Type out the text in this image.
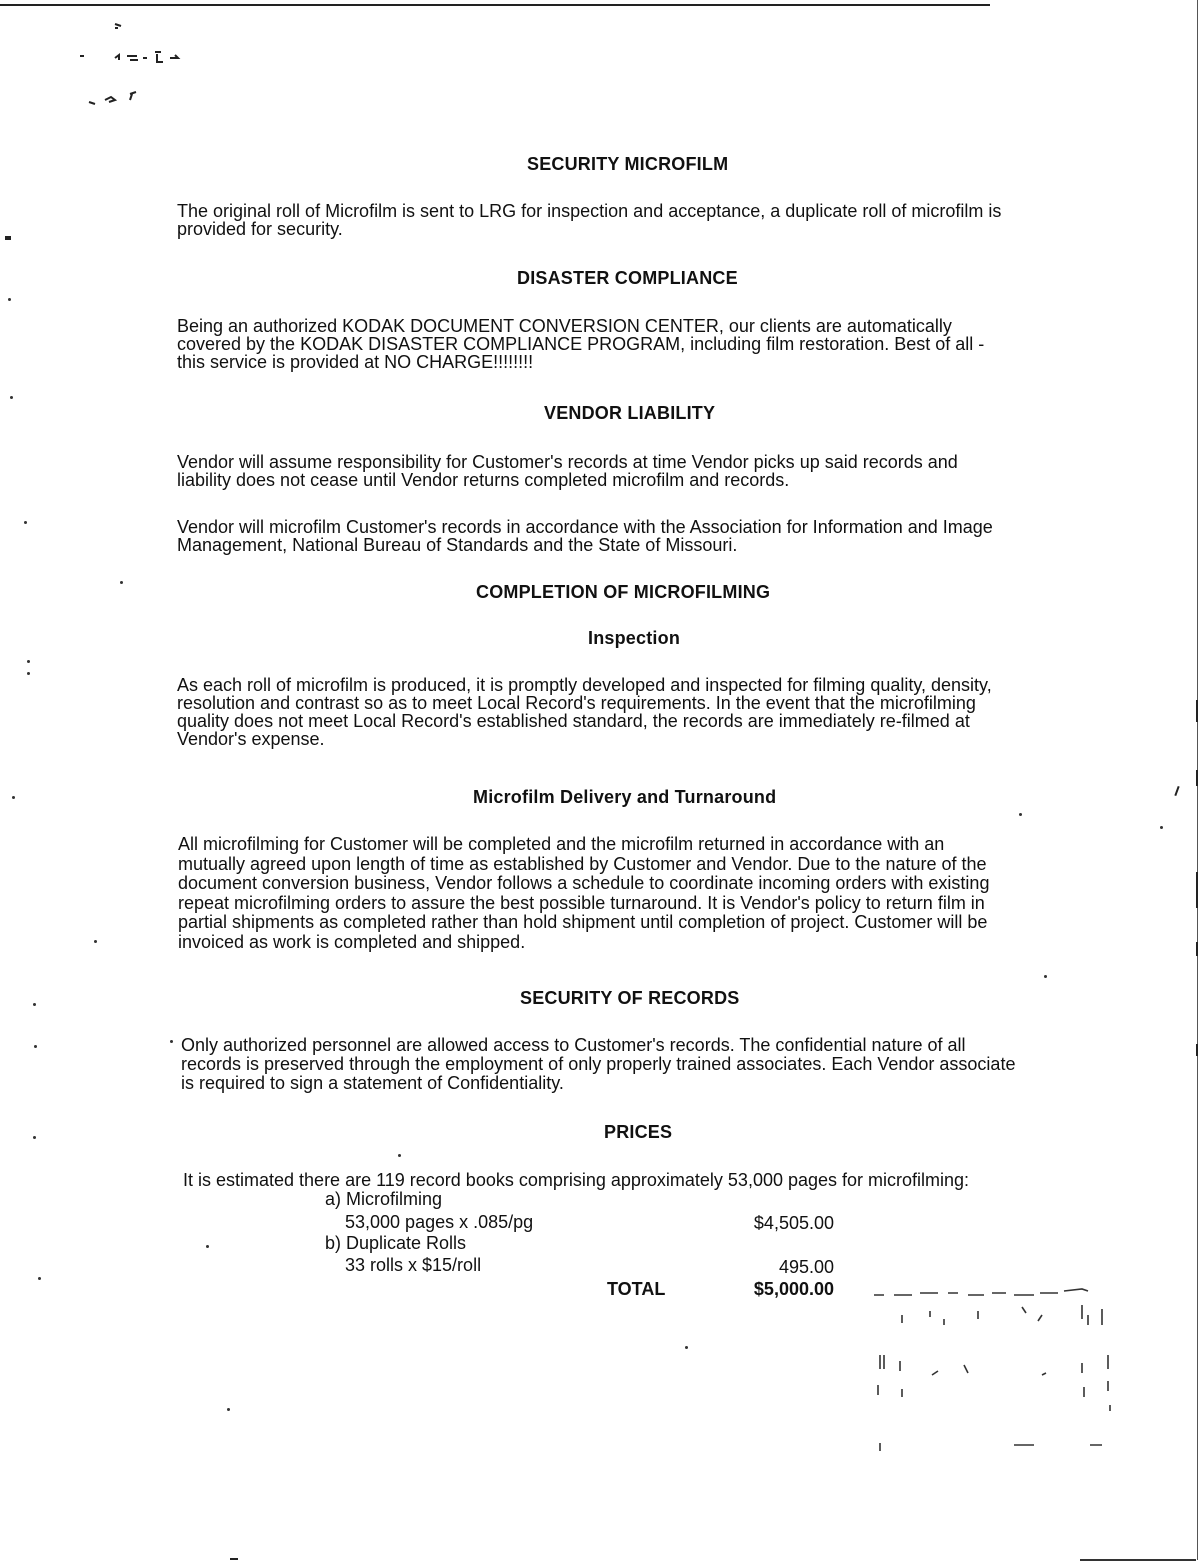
SECURITY MICROFILM
The original roll of Microfilm is sent to LRG for inspection and acceptance, a duplicate roll of microfilm is
provided for security.
DISASTER COMPLIANCE
Being an authorized KODAK DOCUMENT CONVERSION CENTER, our clients are automatically
covered by the KODAK DISASTER COMPLIANCE PROGRAM, including film restoration. Best of all -
this service is provided at NO CHARGE!!!!!!!!
VENDOR LIABILITY
Vendor will assume responsibility for Customer's records at time Vendor picks up said records and
liability does not cease until Vendor returns completed microfilm and records.
Vendor will microfilm Customer's records in accordance with the Association for Information and Image
Management, National Bureau of Standards and the State of Missouri.
COMPLETION OF MICROFILMING
Inspection
As each roll of microfilm is produced, it is promptly developed and inspected for filming quality, density,
resolution and contrast so as to meet Local Record's requirements. In the event that the microfilming
quality does not meet Local Record's established standard, the records are immediately re-filmed at
Vendor's expense.
Microfilm Delivery and Turnaround
All microfilming for Customer will be completed and the microfilm returned in accordance with an
mutually agreed upon length of time as established by Customer and Vendor. Due to the nature of the
document conversion business, Vendor follows a schedule to coordinate incoming orders with existing
repeat microfilming orders to assure the best possible turnaround. It is Vendor's policy to return film in
partial shipments as completed rather than hold shipment until completion of project. Customer will be
invoiced as work is completed and shipped.
SECURITY OF RECORDS
Only authorized personnel are allowed access to Customer's records. The confidential nature of all
records is preserved through the employment of only properly trained associates. Each Vendor associate
is required to sign a statement of Confidentiality.
PRICES
It is estimated there are 119 record books comprising approximately 53,000 pages for microfilming:
a) Microfilming
53,000 pages x .085/pg	$4,505.00
b) Duplicate Rolls
33 rolls x $15/roll	495.00
TOTAL	$5,000.00
